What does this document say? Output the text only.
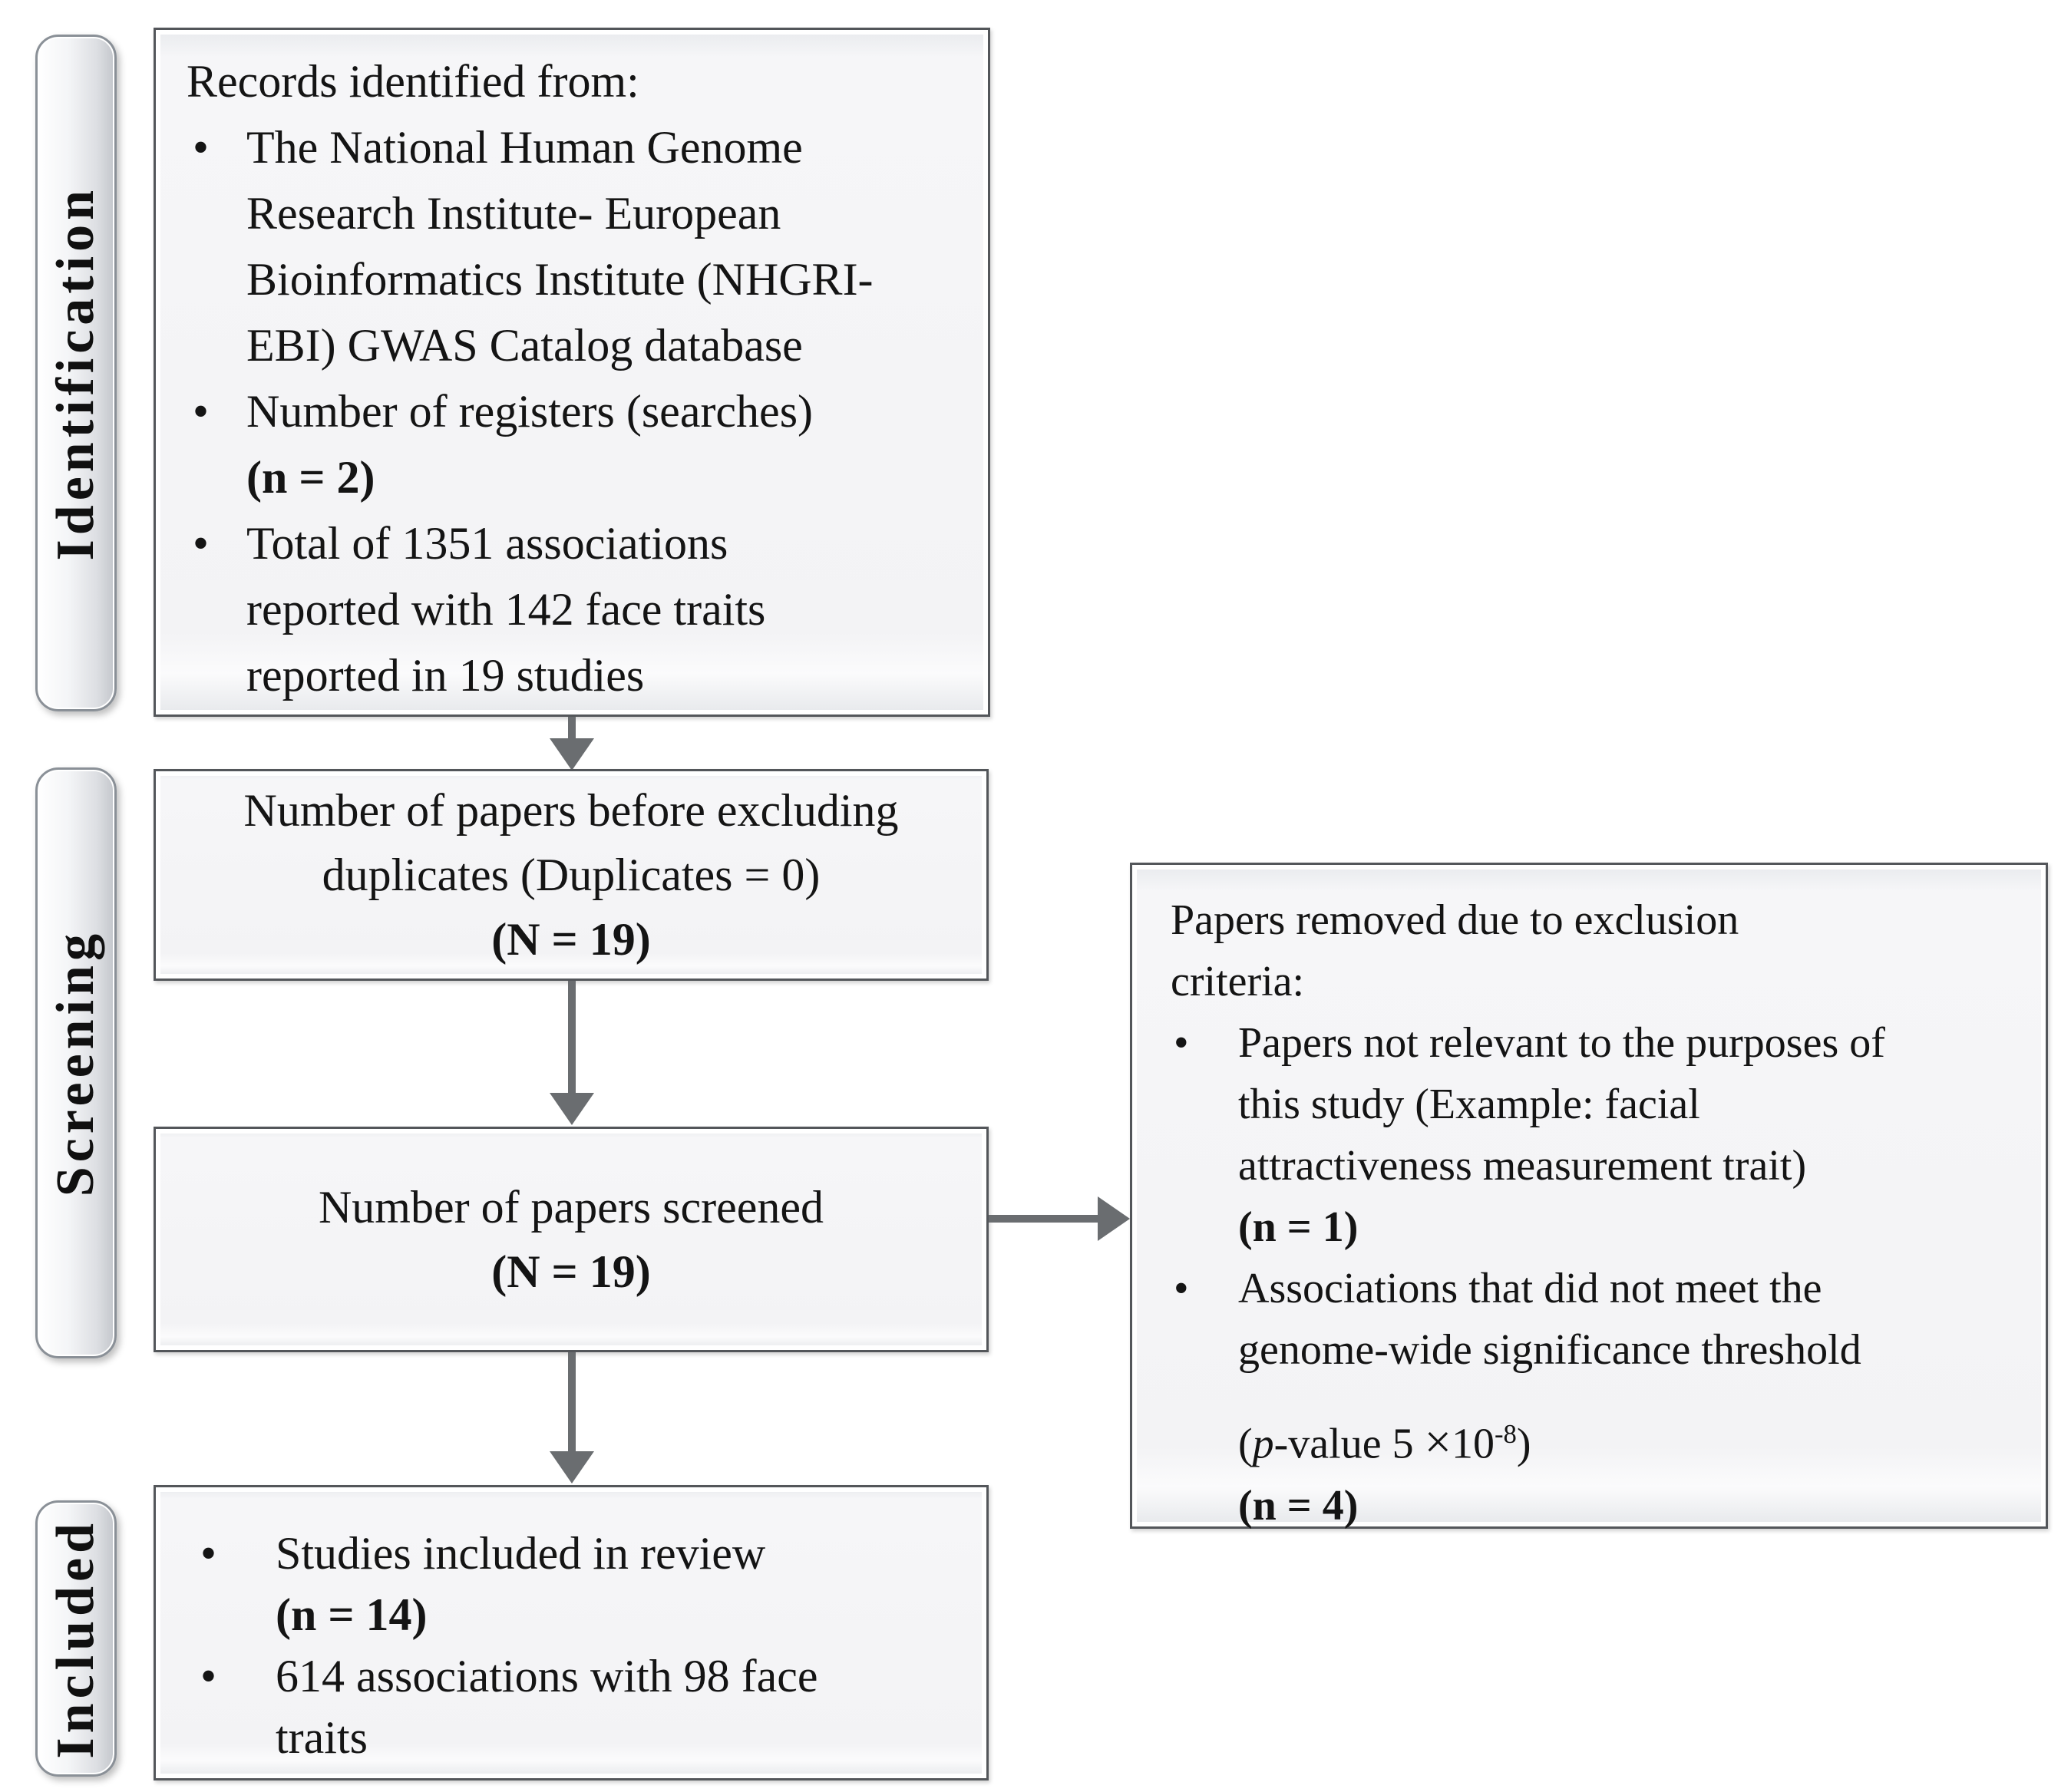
Identification
Screening
Included
Records identified from:
•
The National Human Genome
Research Institute- European
Bioinformatics Institute (NHGRI-
EBI) GWAS Catalog database
•
Number of registers (searches)
(n = 2)
•
Total of 1351 associations
reported with 142 face traits
reported in 19 studies
Number of papers before excluding
duplicates (Duplicates = 0)
(N = 19)
Number of papers screened
(N = 19)
•
Studies included in review
(n = 14)
•
614 associations with 98 face
traits
Papers removed due to exclusion
criteria:
•
Papers not relevant to the purposes of
this study (Example: facial
attractiveness measurement trait)
(n = 1)
•
Associations that did not meet the
genome-wide significance threshold
(p-value $5 \times 10^{-8}$)
(n = 4)
